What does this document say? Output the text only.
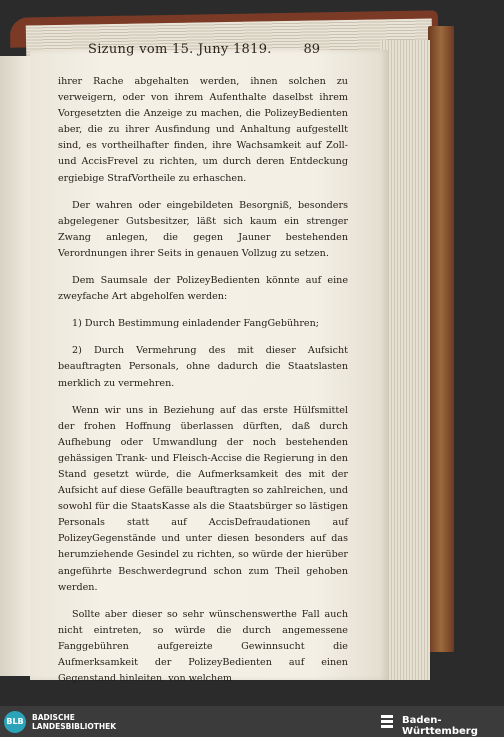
Sizung vom 15. Juny 1819. 89

ihrer Rache abgehalten werden, ihnen solchen zu verweigern, oder von ihrem Aufenthalte daselbst ihrem Vorgesetzten die Anzeige zu machen, die PolizeyBedienten aber, die zu ihrer Ausfindung und Anhaltung aufgestellt sind, es vortheilhafter finden, ihre Wachsamkeit auf Zoll- und AccisFrevel zu richten, um durch deren Entdeckung ergiebige StrafVortheile zu erhaschen.

Der wahren oder eingebildeten Besorgniß, besonders abgelegener Gutsbesitzer, läßt sich kaum ein strenger Zwang anlegen, die gegen Jauner bestehenden Verordnungen ihrer Seits in genauen Vollzug zu setzen.

Dem Saumsale der PolizeyBedienten könnte auf eine zweyfache Art abgeholfen werden:

1) Durch Bestimmung einladender FangGebühren;

2) Durch Vermehrung des mit dieser Aufsicht beauftragten Personals, ohne dadurch die Staatslasten merklich zu vermehren.

Wenn wir uns in Beziehung auf das erste Hülfsmittel der frohen Hoffnung überlassen dürften, daß durch Aufhebung oder Umwandlung der noch bestehenden gehässigen Trank- und Fleisch-Accise die Regierung in den Stand gesetzt würde, die Aufmerksamkeit des mit der Aufsicht auf diese Gefälle beauftragten so zahlreichen, und sowohl für die StaatsKasse als die Staatsbürger so lästigen Personals statt auf AccisDefraudationen auf PolizeyGegenstände und unter diesen besonders auf das herumziehende Gesindel zu richten, so würde der hierüber angeführte Beschwerdegrund schon zum Theil gehoben werden.

Sollte aber dieser so sehr wünschenswerthe Fall auch nicht eintreten, so würde die durch angemessene Fanggebühren aufgereizte Gewinnsucht die Aufmerksamkeit der PolizeyBedienten auf einen Gegenstand hinleiten, von welchem

BLB	BADISCHE
LANDESBIBLIOTHEK
Baden-Württemberg
